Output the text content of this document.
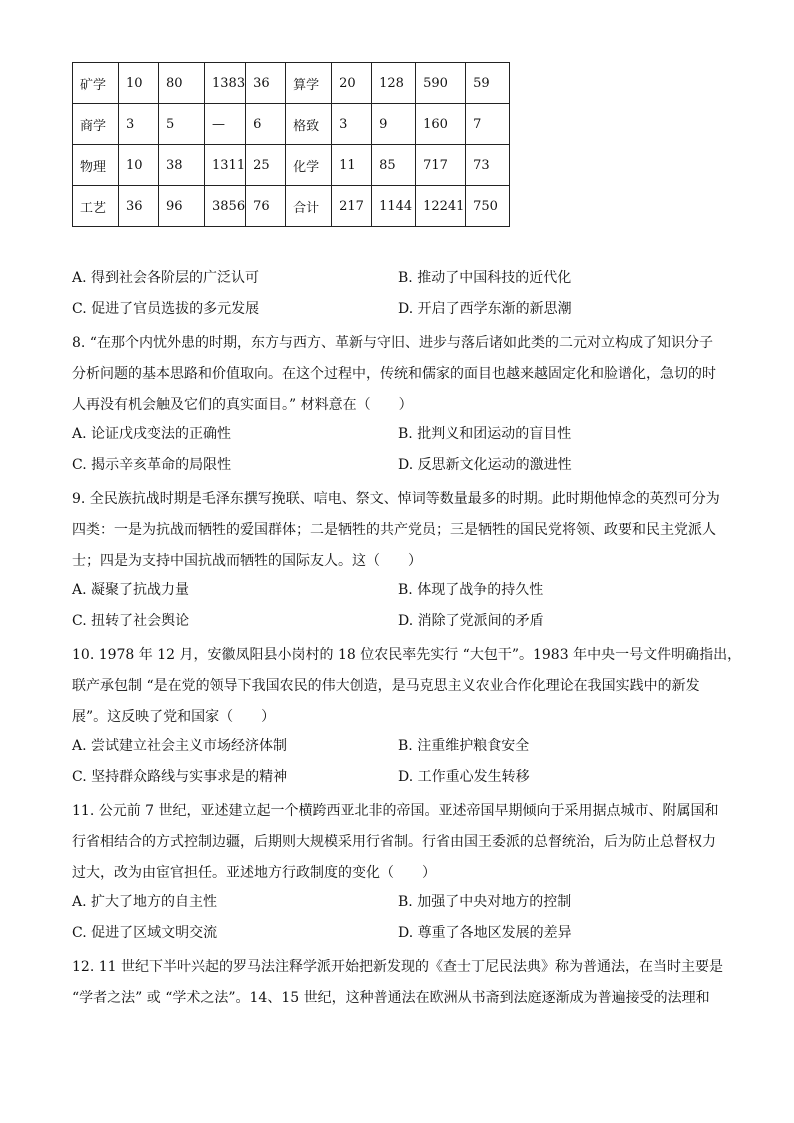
矿学	10	80	1383	36	算学	20	128	590	59
商学	3	5	—	6	格致	3	9	160	7
物理	10	38	1311	25	化学	11	85	717	73
工艺	36	96	3856	76	合计	217	1144	12241	750
A. 得到社会各阶层的广泛认可	B. 推动了中国科技的近代化
C. 促进了官员选拔的多元发展	D. 开启了西学东渐的新思潮

8. “在那个内忧外患的时期，东方与西方、革新与守旧、进步与落后诸如此类的二元对立构成了知识分子

分析问题的基本思路和价值取向。在这个过程中，传统和儒家的面目也越来越固定化和脸谱化，急切的时

人再没有机会触及它们的真实面目。” 材料意在（　　）

A. 论证戊戌变法的正确性	B. 批判义和团运动的盲目性
C. 揭示辛亥革命的局限性	D. 反思新文化运动的激进性

9. 全民族抗战时期是毛泽东撰写挽联、唁电、祭文、悼词等数量最多的时期。此时期他悼念的英烈可分为

四类：一是为抗战而牺牲的爱国群体；二是牺牲的共产党员；三是牺牲的国民党将领、政要和民主党派人

士；四是为支持中国抗战而牺牲的国际友人。这（　　）

A. 凝聚了抗战力量	B. 体现了战争的持久性
C. 扭转了社会舆论	D. 消除了党派间的矛盾

10. 1978 年 12 月，安徽凤阳县小岗村的 18 位农民率先实行 “大包干”。1983 年中央一号文件明确指出，

联产承包制 “是在党的领导下我国农民的伟大创造，是马克思主义农业合作化理论在我国实践中的新发

展”。这反映了党和国家（　　）

A. 尝试建立社会主义市场经济体制	B. 注重维护粮食安全
C. 坚持群众路线与实事求是的精神	D. 工作重心发生转移

11. 公元前 7 世纪，亚述建立起一个横跨西亚北非的帝国。亚述帝国早期倾向于采用据点城市、附属国和

行省相结合的方式控制边疆，后期则大规模采用行省制。行省由国王委派的总督统治，后为防止总督权力

过大，改为由宦官担任。亚述地方行政制度的变化（　　）

A. 扩大了地方的自主性	B. 加强了中央对地方的控制
C. 促进了区域文明交流	D. 尊重了各地区发展的差异

12. 11 世纪下半叶兴起的罗马法注释学派开始把新发现的《查士丁尼民法典》称为普通法，在当时主要是

“学者之法” 或 “学术之法”。14、15 世纪，这种普通法在欧洲从书斋到法庭逐渐成为普遍接受的法理和
